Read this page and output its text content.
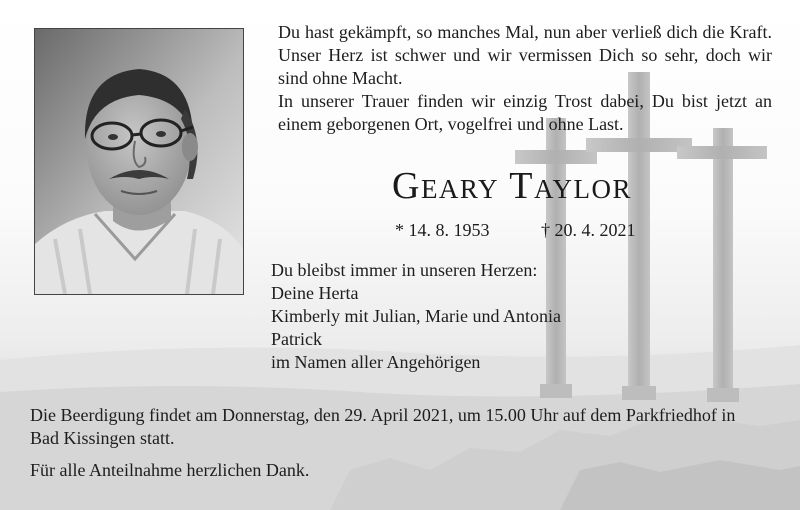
Du hast gekämpft, so manches Mal, nun aber verließ dich die Kraft. Unser Herz ist schwer und wir vermissen Dich so sehr, doch wir sind ohne Macht.

In unserer Trauer finden wir einzig Trost dabei, Du bist jetzt an einem geborgenen Ort, vogelfrei und ohne Last.

Geary Taylor
* 14. 8. 1953	† 20. 4. 2021
Du bleibst immer in unseren Herzen:
Deine Herta
Kimberly mit Julian, Marie und Antonia
Patrick
im Namen aller Angehörigen
Die Beerdigung findet am Donnerstag, den 29. April 2021, um 15.00 Uhr auf dem Parkfriedhof in Bad Kissingen statt.
Für alle Anteilnahme herzlichen Dank.
